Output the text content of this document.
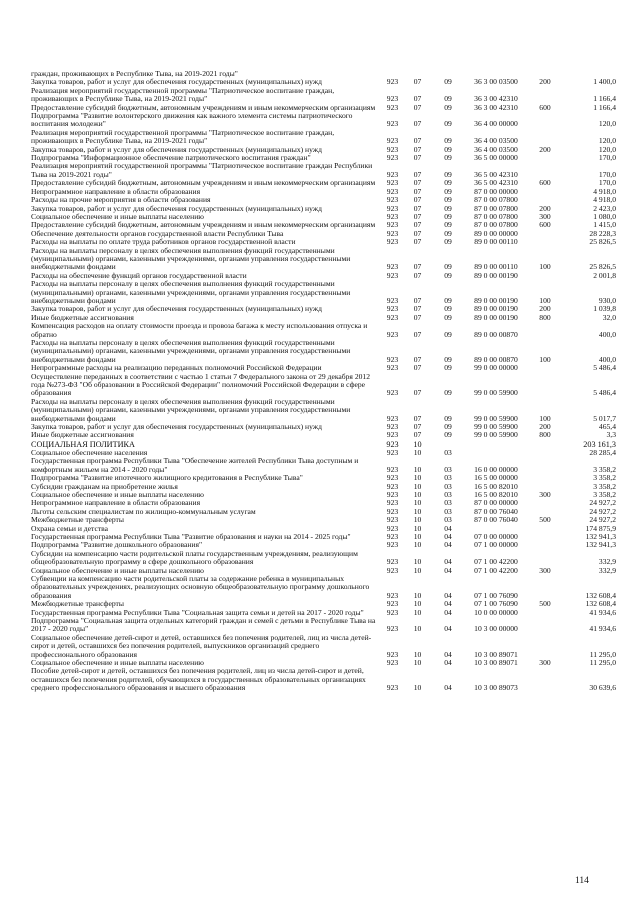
граждан, проживающих в Республике Тыва, на 2019-2021 годы"
Закупка товаров, работ и услуг для обеспечения государственных (муниципальных) нужд	923	07	09	36 3 00 03500	200	1 400,0
Реализация мероприятий государственной программы "Патриотическое воспитание граждан, проживающих в Республике Тыва, на 2019-2021 годы"	923	07	09	36 3 00 42310	1 166,4
Предоставление субсидий бюджетным, автономным учреждениям и иным некоммерческим организациям	923	07	09	36 3 00 42310	600	1 166,4
Подпрограмма "Развитие волонтерского движения как важного элемента системы патриотического воспитания молодежи"	923	07	09	36 4 00 00000	120,0
Реализация мероприятий государственной программы "Патриотическое воспитание граждан, проживающих в Республике Тыва, на 2019-2021 годы"	923	07	09	36 4 00 03500	120,0
Закупка товаров, работ и услуг для обеспечения государственных (муниципальных) нужд	923	07	09	36 4 00 03500	200	120,0
Подпрограмма "Информационное обеспечение патриотического воспитания граждан"	923	07	09	36 5 00 00000	170,0
Реализация мероприятий государственной программы "Патриотическое воспитание граждан Республики Тыва на 2019-2021 годы"	923	07	09	36 5 00 42310	170,0
Предоставление субсидий бюджетным, автономным учреждениям и иным некоммерческим организациям	923	07	09	36 5 00 42310	600	170,0
Непрограммное направление в области образования	923	07	09	87 0 00 00000	4 918,0
Расходы на прочие мероприятия в области образования	923	07	09	87 0 00 07800	4 918,0
Закупка товаров, работ и услуг для обеспечения государственных (муниципальных) нужд	923	07	09	87 0 00 07800	200	2 423,0
Социальное обеспечение и иные выплаты населению	923	07	09	87 0 00 07800	300	1 080,0
Предоставление субсидий бюджетным, автономным учреждениям и иным некоммерческим организациям	923	07	09	87 0 00 07800	600	1 415,0
Обеспечение деятельности органов государственной власти Республики Тыва	923	07	09	89 0 00 00000	28 228,3
Расходы на выплаты по оплате труда работников органов государственной власти	923	07	09	89 0 00 00110	25 826,5
Расходы на выплаты персоналу в целях обеспечения выполнения функций государственными (муниципальными) органами, казенными учреждениями, органами управления государственными внебюджетными фондами	923	07	09	89 0 00 00110	100	25 826,5
Расходы на обеспечение функций органов государственной власти	923	07	09	89 0 00 00190	2 001,8
Расходы на выплаты персоналу в целях обеспечения выполнения функций государственными (муниципальными) органами, казенными учреждениями, органами управления государственными внебюджетными фондами	923	07	09	89 0 00 00190	100	930,0
Закупка товаров, работ и услуг для обеспечения государственных (муниципальных) нужд	923	07	09	89 0 00 00190	200	1 039,8
Иные бюджетные ассигнования	923	07	09	89 0 00 00190	800	32,0
Компенсация расходов на оплату стоимости проезда и провоза багажа к месту использования отпуска и обратно	923	07	09	89 0 00 00870	400,0
Расходы на выплаты персоналу в целях обеспечения выполнения функций государственными (муниципальными) органами, казенными учреждениями, органами управления государственными внебюджетными фондами	923	07	09	89 0 00 00870	100	400,0
Непрограммные расходы на реализацию переданных полномочий Российской Федерации	923	07	09	99 0 00 00000	5 486,4
Осуществление переданных в соответствии с частью 1 статьи 7 Федерального закона от 29 декабря 2012 года №273-ФЗ "Об образовании в Российской Федерации" полномочий Российской Федерации в сфере образования	923	07	09	99 0 00 59900	5 486,4
Расходы на выплаты персоналу в целях обеспечения выполнения функций государственными (муниципальными) органами, казенными учреждениями, органами управления государственными внебюджетными фондами	923	07	09	99 0 00 59900	100	5 017,7
Закупка товаров, работ и услуг для обеспечения государственных (муниципальных) нужд	923	07	09	99 0 00 59900	200	465,4
Иные бюджетные ассигнования	923	07	09	99 0 00 59900	800	3,3
СОЦИАЛЬНАЯ ПОЛИТИКА	923	10	203 161,3
Социальное обеспечение населения	923	10	03	28 285,4
Государственная программа Республики Тыва "Обеспечение жителей Республики Тыва доступным и комфортным жильем на 2014 - 2020 годы"	923	10	03	16 0 00 00000	3 358,2
Подпрограмма "Развитие ипотечного жилищного кредитования в Республике Тыва"	923	10	03	16 5 00 00000	3 358,2
Субсидии гражданам на приобретение жилья	923	10	03	16 5 00 82010	3 358,2
Социальное обеспечение и иные выплаты населению	923	10	03	16 5 00 82010	300	3 358,2
Непрограммное направление в области образования	923	10	03	87 0 00 00000	24 927,2
Льготы сельским специалистам по жилищно-коммунальным услугам	923	10	03	87 0 00 76040	24 927,2
Межбюджетные трансферты	923	10	03	87 0 00 76040	500	24 927,2
Охрана семьи и детства	923	10	04	174 875,9
Государственная программа Республики Тыва "Развитие образования и науки на 2014 - 2025 годы"	923	10	04	07 0 00 00000	132 941,3
Подпрограмма "Развитие дошкольного образования"	923	10	04	07 1 00 00000	132 941,3
Субсидии на компенсацию части родительской платы государственным учреждениям, реализующим общеобразовательную программу в сфере дошкольного образования	923	10	04	07 1 00 42200	332,9
Социальное обеспечение и иные выплаты населению	923	10	04	07 1 00 42200	300	332,9
Субвенции на компенсацию части родительской платы за содержание ребенка в муниципальных образовательных учреждениях, реализующих основную общеобразовательную программу дошкольного образования	923	10	04	07 1 00 76090	132 608,4
Межбюджетные трансферты	923	10	04	07 1 00 76090	500	132 608,4
Государственная программа Республики Тыва "Социальная защита семьи и детей на 2017 - 2020 годы"	923	10	04	10 0 00 00000	41 934,6
Подпрограмма "Социальная защита отдельных категорий граждан и семей с детьми в Республике Тыва на 2017 - 2020 годы"	923	10	04	10 3 00 00000	41 934,6
Социальное обеспечение детей-сирот и детей, оставшихся без попечения родителей, лиц из числа детей-сирот и детей, оставшихся без попечения родителей, выпускников организаций среднего профессионального образования	923	10	04	10 3 00 89071	11 295,0
Социальное обеспечение и иные выплаты населению	923	10	04	10 3 00 89071	300	11 295,0
Пособие детей-сирот и детей, оставшихся без попечения родителей, лиц из числа детей-сирот и детей, оставшихся без попечения родителей, обучающихся в государственных образовательных организациях среднего профессионального образования и высшего образования	923	10	04	10 3 00 89073	30 639,6
114
